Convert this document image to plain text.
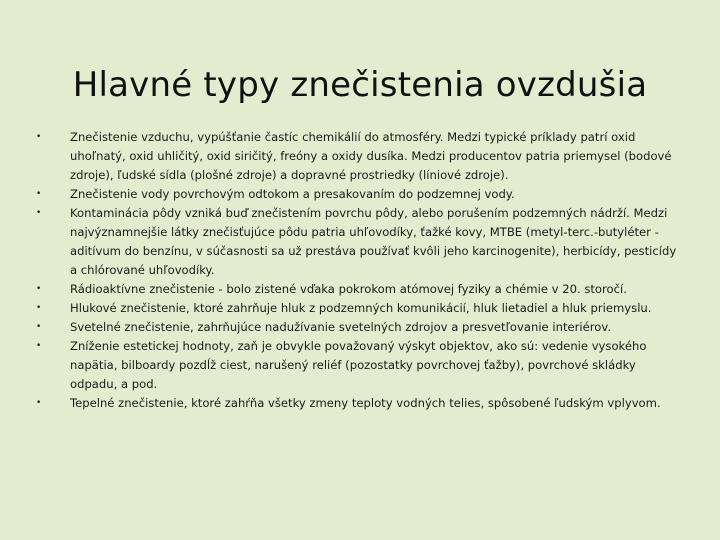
Hlavné typy znečistenia ovzdušia
• Znečistenie vzduchu, vypúšťanie častíc chemikálií do atmosféry. Medzi typické príklady patrí oxid uhoľnatý, oxid uhličitý, oxid siričitý, freóny a oxidy dusíka. Medzi producentov patria priemysel (bodové zdroje), ľudské sídla (plošné zdroje) a dopravné prostriedky (líniové zdroje).
• Znečistenie vody povrchovým odtokom a presakovaním do podzemnej vody.
• Kontaminácia pôdy vzniká buď znečistením povrchu pôdy, alebo porušením podzemných nádrží. Medzi najvýznamnejšie látky znečisťujúce pôdu patria uhľovodíky, ťažké kovy, MTBE (metyl-terc.-butyléter - aditívum do benzínu, v súčasnosti sa už prestáva používať kvôli jeho karcinogenite), herbicídy, pesticídy a chlórované uhľovodíky.
• Rádioaktívne znečistenie - bolo zistené vďaka pokrokom atómovej fyziky a chémie v 20. storočí.
• Hlukové znečistenie, ktoré zahrňuje hluk z podzemných komunikácií, hluk lietadiel a hluk priemyslu.
• Svetelné znečistenie, zahrňujúce nadužívanie svetelných zdrojov a presvetľovanie interiérov.
• Zníženie estetickej hodnoty, zaň je obvykle považovaný výskyt objektov, ako sú: vedenie vysokého napätia, bilboardy pozdĺž ciest, narušený reliéf (pozostatky povrchovej ťažby), povrchové skládky odpadu, a pod.
• Tepelné znečistenie, ktoré zahŕňa všetky zmeny teploty vodných telies, spôsobené ľudským vplyvom.
